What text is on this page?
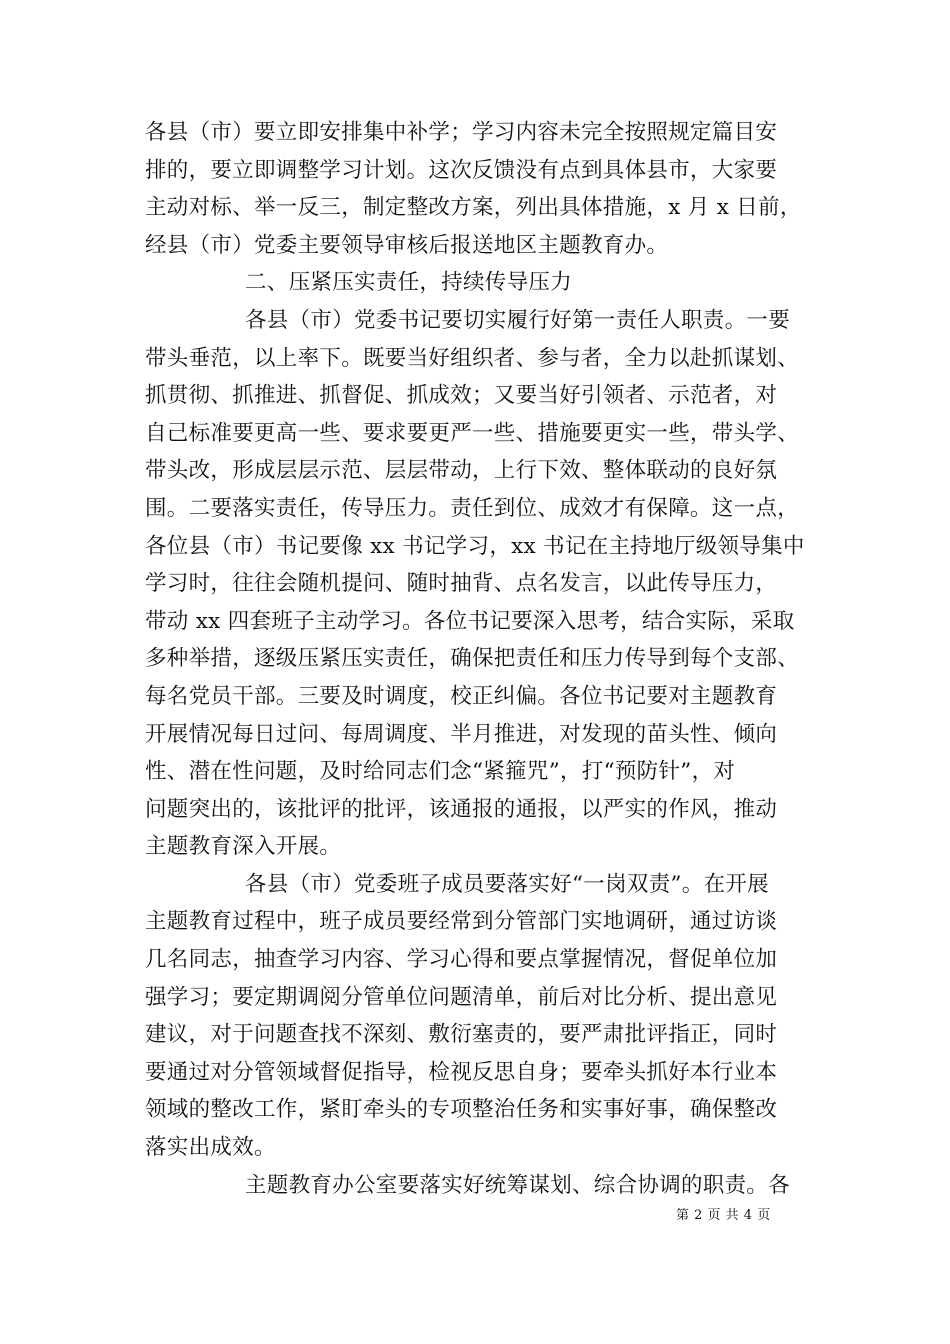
各县（市）要立即安排集中补学；学习内容未完全按照规定篇目安
排的，要立即调整学习计划。这次反馈没有点到具体县市，大家要
主动对标、举一反三，制定整改方案，列出具体措施，x 月 x 日前，
经县（市）党委主要领导审核后报送地区主题教育办。
二、压紧压实责任，持续传导压力
各县（市）党委书记要切实履行好第一责任人职责。一要
带头垂范，以上率下。既要当好组织者、参与者，全力以赴抓谋划、
抓贯彻、抓推进、抓督促、抓成效；又要当好引领者、示范者，对
自己标准要更高一些、要求要更严一些、措施要更实一些，带头学、
带头改，形成层层示范、层层带动，上行下效、整体联动的良好氛
围。二要落实责任，传导压力。责任到位、成效才有保障。这一点，
各位县（市）书记要像 xx 书记学习，xx 书记在主持地厅级领导集中
学习时，往往会随机提问、随时抽背、点名发言，以此传导压力，
带动 xx 四套班子主动学习。各位书记要深入思考，结合实际，采取
多种举措，逐级压紧压实责任，确保把责任和压力传导到每个支部、
每名党员干部。三要及时调度，校正纠偏。各位书记要对主题教育
开展情况每日过问、每周调度、半月推进，对发现的苗头性、倾向
性、潜在性问题，及时给同志们念“紧箍咒”，打“预防针”，对
问题突出的，该批评的批评，该通报的通报，以严实的作风，推动
主题教育深入开展。
各县（市）党委班子成员要落实好“一岗双责”。在开展
主题教育过程中，班子成员要经常到分管部门实地调研，通过访谈
几名同志，抽查学习内容、学习心得和要点掌握情况，督促单位加
强学习；要定期调阅分管单位问题清单，前后对比分析、提出意见
建议，对于问题查找不深刻、敷衍塞责的，要严肃批评指正，同时
要通过对分管领域督促指导，检视反思自身；要牵头抓好本行业本
领域的整改工作，紧盯牵头的专项整治任务和实事好事，确保整改
落实出成效。
主题教育办公室要落实好统筹谋划、综合协调的职责。各
第 2 页 共 4 页
